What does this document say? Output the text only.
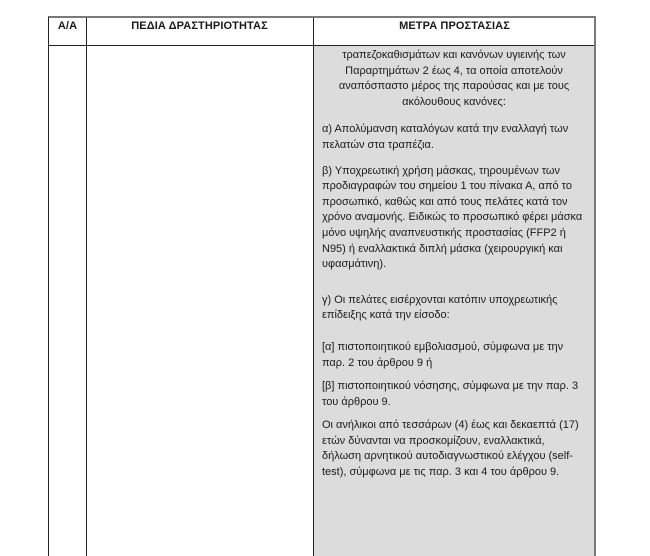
Α/Α	ΠΕΔΙΑ ΔΡΑΣΤΗΡΙΟΤΗΤΑΣ	ΜΕΤΡΑ ΠΡΟΣΤΑΣΙΑΣ

τραπεζοκαθισμάτων και κανόνων υγιεινής των Παραρτημάτων 2 έως 4, τα οποία αποτελούν αναπόσπαστο μέρος της παρούσας και με τους ακόλουθους κανόνες:

α) Απολύμανση καταλόγων κατά την εναλλαγή των πελατών στα τραπέζια.

β) Υποχρεωτική χρήση μάσκας, τηρουμένων των προδιαγραφών του σημείου 1 του πίνακα Α, από το προσωπικό, καθώς και από τους πελάτες κατά τον χρόνο αναμονής. Ειδικώς το προσωπικό φέρει μάσκα μόνο υψηλής αναπνευστικής προστασίας (FFP2 ή N95) ή εναλλακτικά διπλή μάσκα (χειρουργική και υφασμάτινη).

γ) Οι πελάτες εισέρχονται κατόπιν υποχρεωτικής επίδειξης κατά την είσοδο:

[α] πιστοποιητικού εμβολιασμού, σύμφωνα με την παρ. 2 του άρθρου 9 ή

[β] πιστοποιητικού νόσησης, σύμφωνα με την παρ. 3 του άρθρου 9.

Οι ανήλικοι από τεσσάρων (4) έως και δεκαεπτά (17) ετών δύνανται να προσκομίζουν, εναλλακτικά, δήλωση αρνητικού αυτοδιαγνωστικού ελέγχου (self-test), σύμφωνα με τις παρ. 3 και 4 του άρθρου 9.
